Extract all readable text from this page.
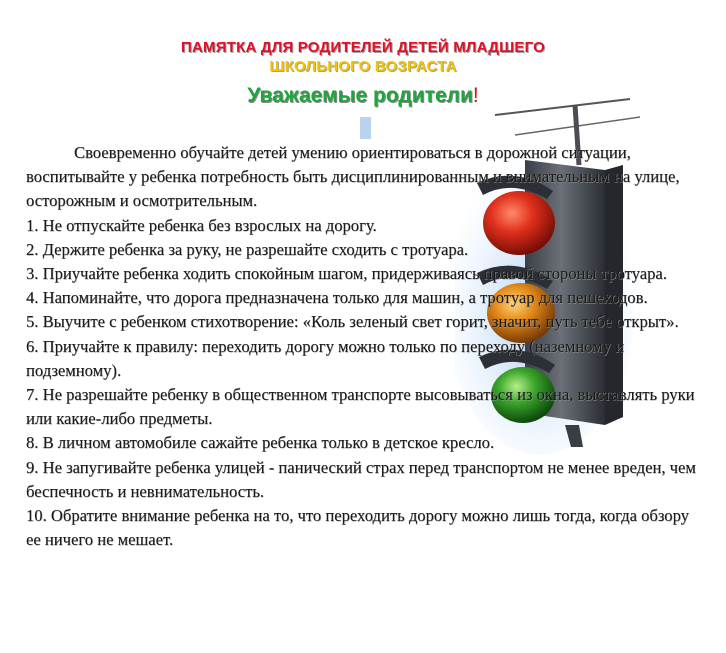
ПАМЯТКА ДЛЯ РОДИТЕЛЕЙ ДЕТЕЙ МЛАДШЕГО
ШКОЛЬНОГО ВОЗРАСТА
Уважаемые родители!

Своевременно обучайте детей умению ориентироваться в дорожной ситуации, воспитывайте у ребенка потребность быть дисциплинированным и внимательным на улице, осторожным и осмотрительным.

1. Не отпускайте ребенка без взрослых на дорогу.

2. Держите ребенка за руку, не разрешайте сходить с тротуара.

3. Приучайте ребенка ходить спокойным шагом, придерживаясь правой стороны тротуара.

4. Напоминайте, что дорога предназначена только для машин, а тротуар для пешеходов.

5. Выучите с ребенком стихотворение: «Коль зеленый свет горит, значит, путь тебе открыт».

6. Приучайте к правилу: переходить дорогу можно только по переходу (наземному и подземному).

7. Не разрешайте ребенку в общественном транспорте высовываться из окна, выставлять руки или какие-либо предметы.

8. В личном автомобиле сажайте ребенка только в детское кресло.

9. Не запугивайте ребенка улицей - панический страх перед транспортом не менее вреден, чем беспечность и невнимательность.

10. Обратите внимание ребенка на то, что переходить дорогу можно лишь тогда, когда обзору ее ничего не мешает.
